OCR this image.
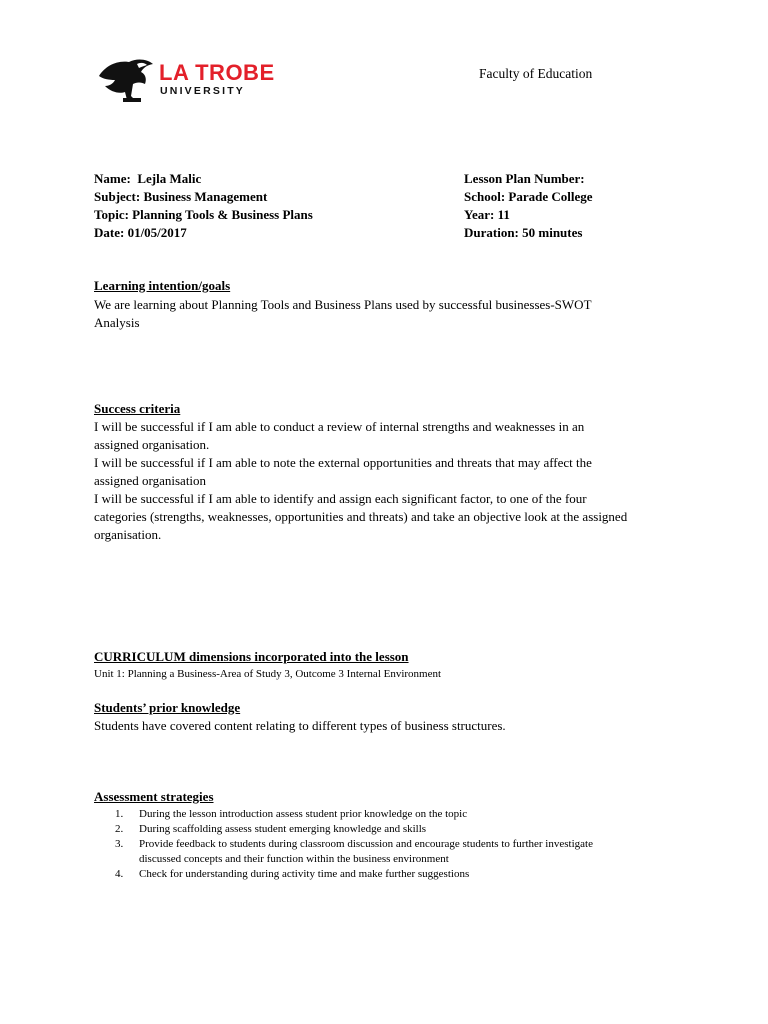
LA TROBE
UNIVERSITY
Faculty of Education
Name:  Lejla Malic
Subject: Business Management
Topic: Planning Tools & Business Plans
Date: 01/05/2017
Lesson Plan Number:
School: Parade College
Year: 11
Duration: 50 minutes
Learning intention/goals
We are learning about Planning Tools and Business Plans used by successful businesses-SWOT
Analysis
Success criteria
I will be successful if I am able to conduct a review of internal strengths and weaknesses in an
assigned organisation.
I will be successful if I am able to note the external opportunities and threats that may affect the
assigned organisation
I will be successful if I am able to identify and assign each significant factor, to one of the four
categories (strengths, weaknesses, opportunities and threats) and take an objective look at the assigned
organisation.
CURRICULUM dimensions incorporated into the lesson
Unit 1: Planning a Business-Area of Study 3, Outcome 3 Internal Environment
Students’ prior knowledge
Students have covered content relating to different types of business structures.
Assessment strategies
1. During the lesson introduction assess student prior knowledge on the topic
2. During scaffolding assess student emerging knowledge and skills
3. Provide feedback to students during classroom discussion and encourage students to further investigate
discussed concepts and their function within the business environment
4. Check for understanding during activity time and make further suggestions
